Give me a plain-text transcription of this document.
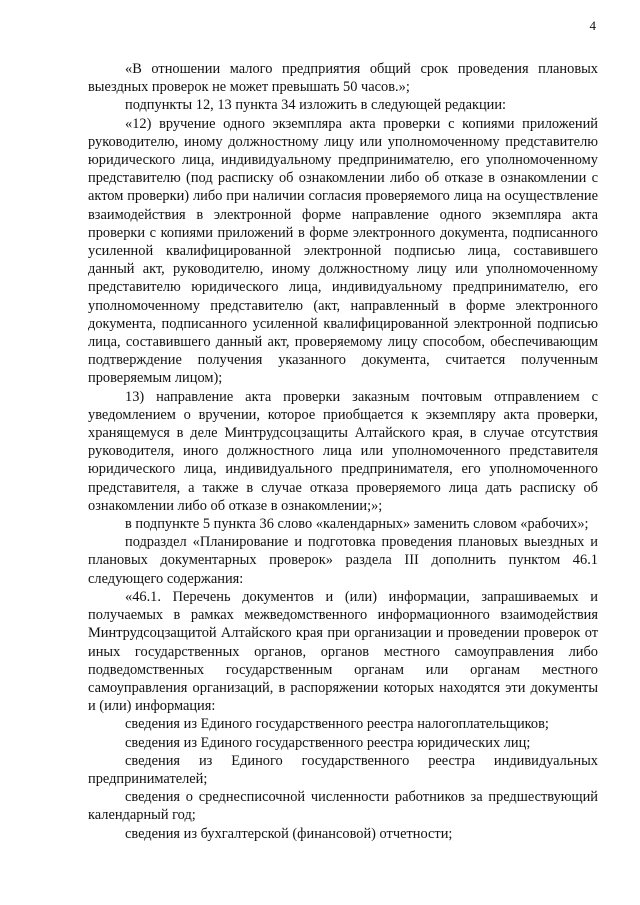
4

«В отношении малого предприятия общий срок проведения плановых выездных проверок не может превышать 50 часов.»;

подпункты 12, 13 пункта 34 изложить в следующей редакции:

«12) вручение одного экземпляра акта проверки с копиями приложений руководителю, иному должностному лицу или уполномоченному представителю юридического лица, индивидуальному предпринимателю, его уполномоченному представителю (под расписку об ознакомлении либо об отказе в ознакомлении с актом проверки) либо при наличии согласия проверяемого лица на осуществление взаимодействия в электронной форме направление одного экземпляра акта проверки с копиями приложений в форме электронного документа, подписанного усиленной квалифицированной электронной подписью лица, составившего данный акт, руководителю, иному должностному лицу или уполномоченному представителю юридического лица, индивидуальному предпринимателю, его уполномоченному представителю (акт, направленный в форме электронного документа, подписанного усиленной квалифицированной электронной подписью лица, составившего данный акт, проверяемому лицу способом, обеспечивающим подтверждение получения указанного документа, считается полученным проверяемым лицом);

13) направление акта проверки заказным почтовым отправлением с уведомлением о вручении, которое приобщается к экземпляру акта проверки, хранящемуся в деле Минтрудсоцзащиты Алтайского края, в случае отсутствия руководителя, иного должностного лица или уполномоченного представителя юридического лица, индивидуального предпринимателя, его уполномоченного представителя, а также в случае отказа проверяемого лица дать расписку об ознакомлении либо об отказе в ознакомлении;»;

в подпункте 5 пункта 36 слово «календарных» заменить словом «рабочих»;

подраздел «Планирование и подготовка проведения плановых выездных и плановых документарных проверок» раздела III дополнить пунктом 46.1 следующего содержания:

«46.1. Перечень документов и (или) информации, запрашиваемых и получаемых в рамках межведомственного информационного взаимодействия Минтрудсоцзащитой Алтайского края при организации и проведении проверок от иных государственных органов, органов местного самоуправления либо подведомственных государственным органам или органам местного самоуправления организаций, в распоряжении которых находятся эти документы и (или) информация:

сведения из Единого государственного реестра налогоплательщиков;

сведения из Единого государственного реестра юридических лиц;

сведения из Единого государственного реестра индивидуальных предпринимателей;

сведения о среднесписочной численности работников за предшествующий календарный год;

сведения из бухгалтерской (финансовой) отчетности;
